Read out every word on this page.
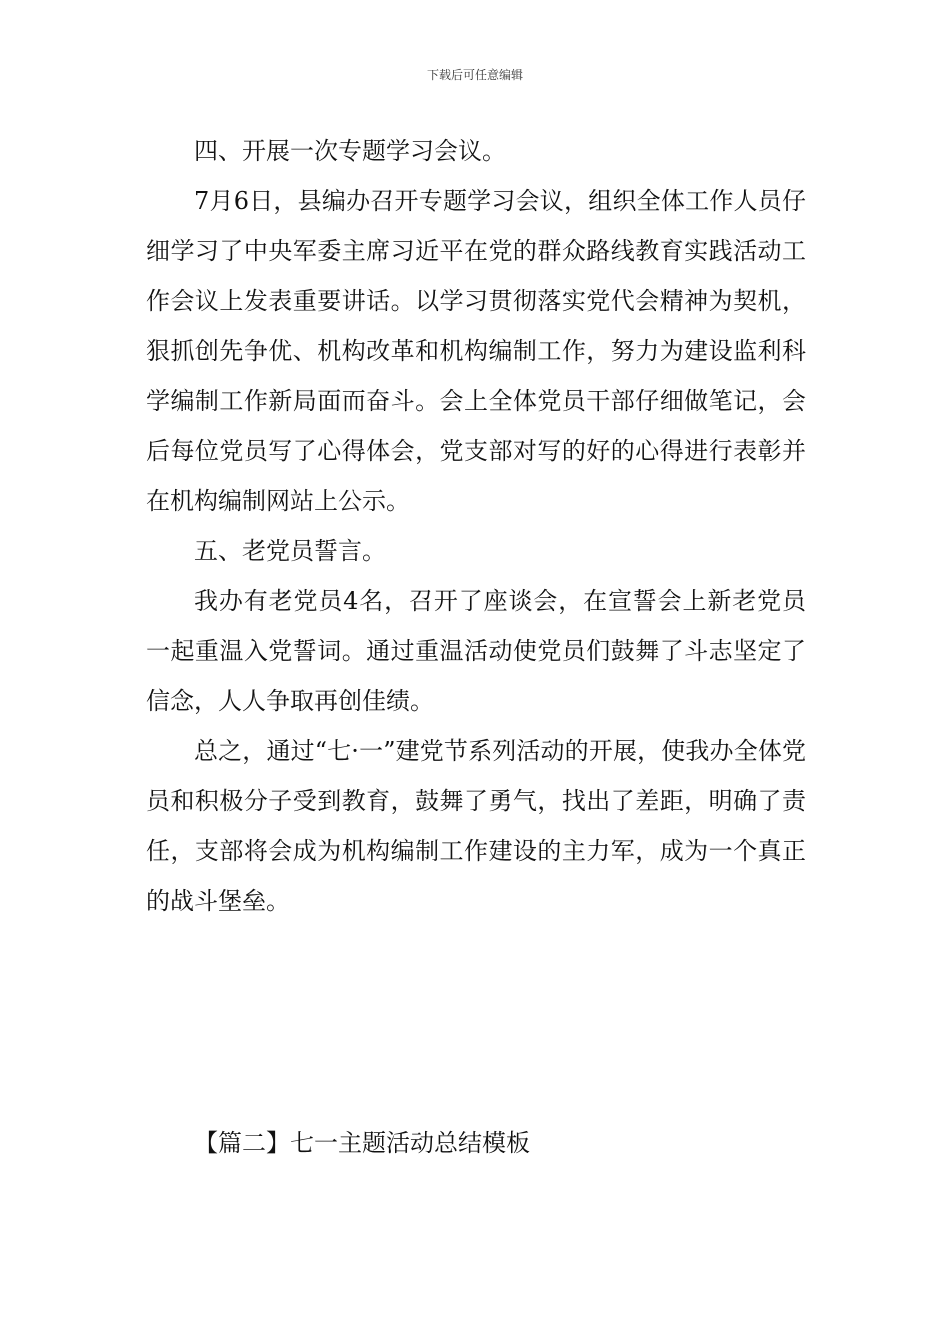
下载后可任意编辑

四、开展一次专题学习会议。

7月6日，县编办召开专题学习会议，组织全体工作人员仔细学习了中央军委主席习近平在党的群众路线教育实践活动工作会议上发表重要讲话。以学习贯彻落实党代会精神为契机，狠抓创先争优、机构改革和机构编制工作，努力为建设监利科学编制工作新局面而奋斗。会上全体党员干部仔细做笔记，会后每位党员写了心得体会，党支部对写的好的心得进行表彰并在机构编制网站上公示。

五、老党员誓言。

我办有老党员4名，召开了座谈会，在宣誓会上新老党员一起重温入党誓词。通过重温活动使党员们鼓舞了斗志坚定了信念，人人争取再创佳绩。

总之，通过“七·一”建党节系列活动的开展，使我办全体党员和积极分子受到教育，鼓舞了勇气，找出了差距，明确了责任，支部将会成为机构编制工作建设的主力军，成为一个真正的战斗堡垒。

【篇二】七一主题活动总结模板
